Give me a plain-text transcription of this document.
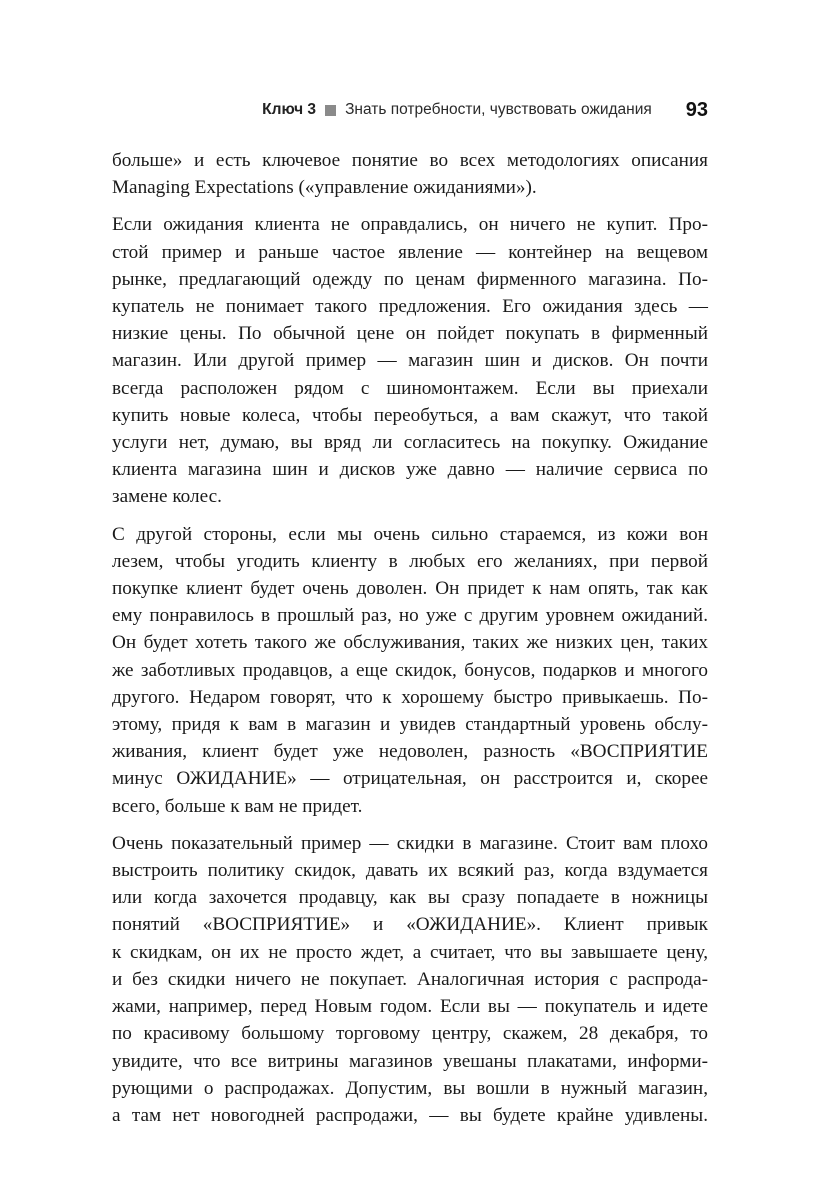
Ключ 3 Знать потребности, чувствовать ожидания 93

больше» и есть ключевое понятие во всех методологиях описания
Managing Expectations («управление ожиданиями»).

Если ожидания клиента не оправдались, он ничего не купит. Про-
стой пример и раньше частое явление — контейнер на вещевом
рынке, предлагающий одежду по ценам фирменного магазина. По-
купатель не понимает такого предложения. Его ожидания здесь —
низкие цены. По обычной цене он пойдет покупать в фирменный
магазин. Или другой пример — магазин шин и дисков. Он почти
всегда расположен рядом с шиномонтажем. Если вы приехали
купить новые колеса, чтобы переобуться, а вам скажут, что такой
услуги нет, думаю, вы вряд ли согласитесь на покупку. Ожидание
клиента магазина шин и дисков уже давно — наличие сервиса по
замене колес.

С другой стороны, если мы очень сильно стараемся, из кожи вон
лезем, чтобы угодить клиенту в любых его желаниях, при первой
покупке клиент будет очень доволен. Он придет к нам опять, так как
ему понравилось в прошлый раз, но уже с другим уровнем ожиданий.
Он будет хотеть такого же обслуживания, таких же низких цен, таких
же заботливых продавцов, а еще скидок, бонусов, подарков и многого
другого. Недаром говорят, что к хорошему быстро привыкаешь. По-
этому, придя к вам в магазин и увидев стандартный уровень обслу-
живания, клиент будет уже недоволен, разность «ВОСПРИЯТИЕ
минус ОЖИДАНИЕ» — отрицательная, он расстроится и, скорее
всего, больше к вам не придет.

Очень показательный пример — скидки в магазине. Стоит вам плохо
выстроить политику скидок, давать их всякий раз, когда вздумается
или когда захочется продавцу, как вы сразу попадаете в ножницы
понятий «ВОСПРИЯТИЕ» и «ОЖИДАНИЕ». Клиент привык
к скидкам, он их не просто ждет, а считает, что вы завышаете цену,
и без скидки ничего не покупает. Аналогичная история с распрода-
жами, например, перед Новым годом. Если вы — покупатель и идете
по красивому большому торговому центру, скажем, 28 декабря, то
увидите, что все витрины магазинов увешаны плакатами, информи-
рующими о распродажах. Допустим, вы вошли в нужный магазин,
а там нет новогодней распродажи, — вы будете крайне удивлены.
